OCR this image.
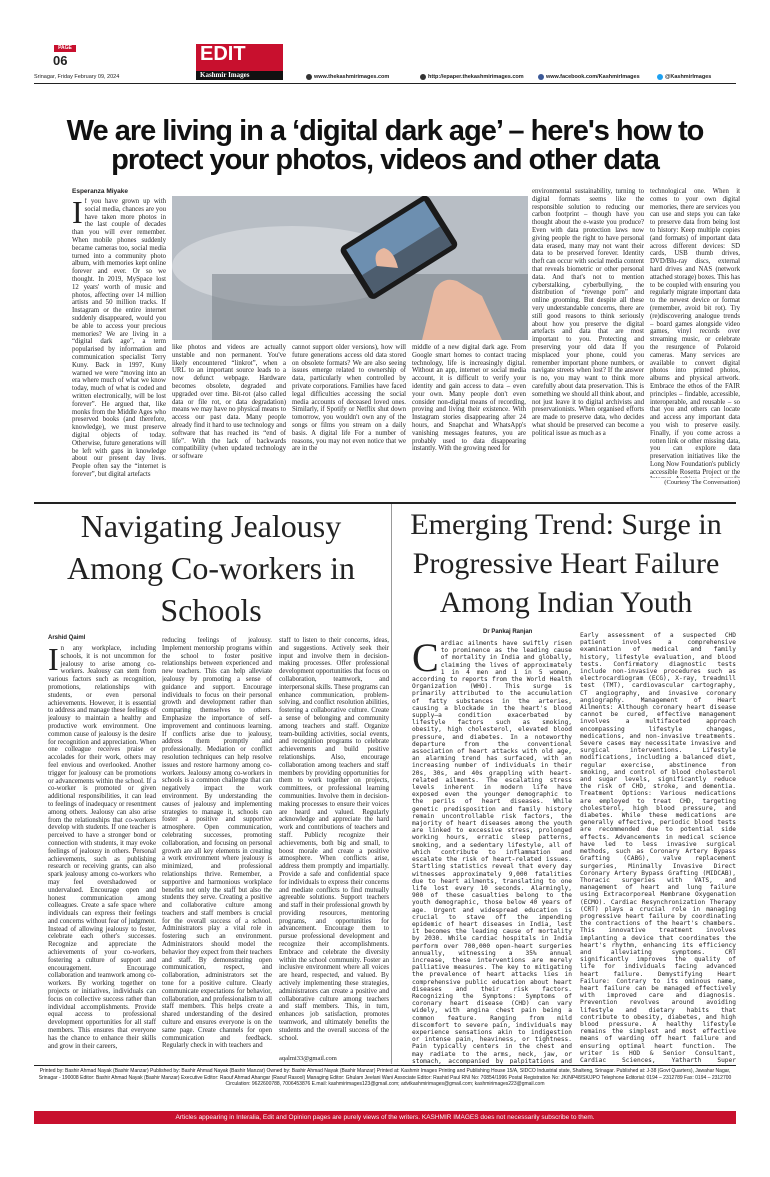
PAGE
06	EDIT
Kashmir Images
Srinagar, Friday February 09, 2024	www.thekashmirimages.com	http://epaper.thekashmirimages.com	www.facebook.com/KashmirImages	@KashmirImages
We are living in a ‘digital dark age’ – here's how to protect your photos, videos and other data
Esperanza Miyake
If you have grown up with social media, chances are you have taken more photos in the last couple of decades than you will ever remember. When mobile phones suddenly became cameras too, social media turned into a community photo album, with memories kept online forever and ever. Or so we thought. In 2019, MySpace lost 12 years' worth of music and photos, affecting over 14 million artists and 50 million tracks. If Instagram or the entire internet suddenly disappeared, would you be able to access your precious memories? We are living in a “digital dark age”, a term popularised by information and communication specialist Terry Kuny. Back in 1997, Kuny warned we were “moving into an era where much of what we know today, much of what is coded and written electronically, will be lost forever”. He argued that, like monks from the Middle Ages who preserved books (and therefore, knowledge), we must preserve digital objects of today. Otherwise, future generations will be left with gaps in knowledge about our present day lives. People often say the “internet is forever”, but digital artefacts
like photos and videos are actually unstable and non permanent. You've likely encountered “linkrot”, when a URL to an important source leads to a now defunct webpage. Hardware becomes obsolete, degraded and upgraded over time. Bit-rot (also called data or file rot, or data degradation) means we may have no physical means to access our past data. Many people already find it hard to use technology and software that has reached its “end of life”. With the lack of backwards compatibility (when updated technology or software
cannot support older versions), how will future generations access old data stored on obsolete formats? We are also seeing issues emerge related to ownership of data, particularly when controlled by private corporations. Families have faced legal difficulties accessing the social media accounts of deceased loved ones. Similarly, if Spotify or Netflix shut down tomorrow, you wouldn't own any of the songs or films you stream on a daily basis. A digital life For a number of reasons, you may not even notice that we are in the
middle of a new digital dark age. From Google smart homes to contact tracing technology, life is increasingly digital. Without an app, internet or social media account, it is difficult to verify your identity and gain access to data – even your own. Many people don't even consider non-digital means of recording, proving and living their existence. With Instagram stories disappearing after 24 hours, and Snapchat and WhatsApp's vanishing messages features, you are probably used to data disappearing instantly. With the growing need for
environmental sustainability, turning to digital formats seems like the responsible solution to reducing our carbon footprint – though have you thought about the e-waste you produce? Even with data protection laws now giving people the right to have personal data erased, many may not want their data to be preserved forever. Identity theft can occur with social media content that reveals biometric or other personal data. And that's not to mention cyberstalking, cyberbullying, the distribution of “revenge porn” and online grooming. But despite all these very understandable concerns, there are still good reasons to think seriously about how you preserve the digital artefacts and data that are most important to you. Protecting and preserving your old data If you misplaced your phone, could you remember important phone numbers, or navigate streets when lost? If the answer is no, you may want to think more carefully about data preservation. This is something we should all think about, and not just leave it to digital archivists and preservationists. When organised efforts are made to preserve data, who decides what should be preserved can become a political issue as much as a
technological one. When it comes to your own digital memories, there are services you can use and steps you can take to preserve data from being lost to history: Keep multiple copies (and formats) of important data across different devices: SD cards, USB thumb drives, DVD/Blu-ray discs, external hard drives and NAS (network attached storage) boxes. This has to be coupled with ensuring you regularly migrate important data to the newest device or format (remember, avoid bit rot). Try (re)discovering analogue trends – board games alongside video games, vinyl records over streaming music, or celebrate the resurgence of Polaroid cameras. Many services are available to convert digital photos into printed photos, albums and physical artwork. Embrace the ethos of the FAIR principles – findable, accessible, interoperable, and reusable – so that you and others can locate and access any important data you wish to preserve easily. Finally, if you come across a rotten link or other missing data, you can explore data preservation initiatives like the Long Now Foundation's publicly accessible Rosetta Project or the
(Courtesy The Conversation)
Navigating Jealousy Among Co-workers in Schools
Arshid Qaiml
In any workplace, including schools, it is not uncommon for jealousy to arise among co-workers. Jealousy can stem from various factors such as recognition, promotions, relationships with students, or even personal achievements. However, it is essential to address and manage these feelings of jealousy to maintain a healthy and productive work environment. One common cause of jealousy is the desire for recognition and appreciation. When one colleague receives praise or accolades for their work, others may feel envious and overlooked. Another trigger for jealousy can be promotions or advancements within the school. If a co-worker is promoted or given additional responsibilities, it can lead to feelings of inadequacy or resentment among others. Jealousy can also arise from the relationships that co-workers develop with students. If one teacher is perceived to have a stronger bond or connection with students, it may evoke feelings of jealousy in others. Personal achievements, such as publishing research or receiving grants, can also spark jealousy among co-workers who may feel overshadowed or undervalued. Encourage open and honest communication among colleagues. Create a safe space where individuals can express their feelings and concerns without fear of judgment. Instead of allowing jealousy to fester, celebrate each other's successes. Recognize and appreciate the achievements of your co-workers, fostering a culture of support and encouragement. Encourage collaboration and teamwork among co-workers. By working together on projects or initiatives, individuals can focus on collective success rather than individual accomplishments. Provide equal access to professional development opportunities for all staff members. This ensures that everyone has the chance to enhance their skills and grow in their careers,
reducing feelings of jealousy. Implement mentorship programs within the school to foster positive relationships between experienced and new teachers. This can help alleviate jealousy by promoting a sense of guidance and support. Encourage individuals to focus on their personal growth and development rather than comparing themselves to others. Emphasize the importance of self-improvement and continuous learning. If conflicts arise due to jealousy, address them promptly and professionally. Mediation or conflict resolution techniques can help resolve issues and restore harmony among co-workers. Jealousy among co-workers in schools is a common challenge that can negatively impact the work environment. By understanding the causes of jealousy and implementing strategies to manage it, schools can foster a positive and supportive atmosphere. Open communication, celebrating successes, promoting collaboration, and focusing on personal growth are all key elements in creating a work environment where jealousy is minimized, and professional relationships thrive. Remember, a supportive and harmonious workplace benefits not only the staff but also the students they serve. Creating a positive and collaborative culture among teachers and staff members is crucial for the overall success of a school. Administrators play a vital role in fostering such an environment. Administrators should model the behavior they expect from their teachers and staff. By demonstrating open communication, respect, and collaboration, administrators set the tone for a positive culture. Clearly communicate expectations for behavior, collaboration, and professionalism to all staff members. This helps create a shared understanding of the desired culture and ensures everyone is on the same page. Create channels for open communication and feedback. Regularly check in with teachers and
staff to listen to their concerns, ideas, and suggestions. Actively seek their input and involve them in decision-making processes. Offer professional development opportunities that focus on collaboration, teamwork, and interpersonal skills. These programs can enhance communication, problem-solving, and conflict resolution abilities, fostering a collaborative culture. Create a sense of belonging and community among teachers and staff. Organize team-building activities, social events, and recognition programs to celebrate achievements and build positive relationships. Also, encourage collaboration among teachers and staff members by providing opportunities for them to work together on projects, committees, or professional learning communities. Involve them in decision-making processes to ensure their voices are heard and valued. Regularly acknowledge and appreciate the hard work and contributions of teachers and staff. Publicly recognize their achievements, both big and small, to boost morale and create a positive atmosphere. When conflicts arise, address them promptly and impartially. Provide a safe and confidential space for individuals to express their concerns and mediate conflicts to find mutually agreeable solutions. Support teachers and staff in their professional growth by providing resources, mentoring programs, and opportunities for advancement. Encourage them to pursue professional development and recognize their accomplishments. Embrace and celebrate the diversity within the school community. Foster an inclusive environment where all voices are heard, respected, and valued. By actively implementing these strategies, administrators can create a positive and collaborative culture among teachers and staff members. This, in turn, enhances job satisfaction, promotes teamwork, and ultimately benefits the students and the overall success of the school.
aqalmi33@gmail.com
Emerging Trend: Surge in Progressive Heart Failure Among Indian Youth
Dr Pankaj Ranjan
Cardiac ailments have swiftly risen to prominence as the leading cause of mortality in India and globally, claiming the lives of approximately 1 in 4 men and 1 in 5 women, according to reports from the World Health Organization (WHO). This surge is primarily attributed to the accumulation of fatty substances in the arteries, causing a blockade in the heart's blood supply—a condition exacerbated by lifestyle factors such as smoking, obesity, high cholesterol, elevated blood pressure, and diabetes. In a noteworthy departure from the conventional association of heart attacks with old age, an alarming trend has surfaced, with an increasing number of individuals in their 20s, 30s, and 40s grappling with heart-related ailments. The escalating stress levels inherent in modern life have exposed even the younger demographic to the perils of heart diseases. While genetic predisposition and family history remain uncontrollable risk factors, the majority of heart diseases among the youth are linked to excessive stress, prolonged working hours, erratic sleep patterns, smoking, and a sedentary lifestyle, all of which contribute to inflammation and escalate the risk of heart-related issues. Startling statistics reveal that every day witnesses approximately 9,000 fatalities due to heart ailments, translating to one life lost every 10 seconds. Alarmingly, 900 of these casualties belong to the youth demographic, those below 40 years of age. Urgent and widespread education is crucial to stave off the impending epidemic of heart diseases in India, lest it becomes the leading cause of mortality by 2030. While cardiac hospitals in India perform over 700,000 open-heart surgeries annually, witnessing a 35% annual increase, these interventions are merely palliative measures. The key to mitigating the prevalence of heart attacks lies in comprehensive public education about heart diseases and their risk factors. Recognizing the Symptoms: Symptoms of coronary heart disease (CHD) can vary widely, with angina chest pain being a common feature. Ranging from mild discomfort to severe pain, individuals may experience sensations akin to indigestion or intense pain, heaviness, or tightness. Pain typically centers in the chest and may radiate to the arms, neck, jaw, or stomach, accompanied by palpitations and
Early assessment of a suspected CHD patient involves a comprehensive examination of medical and family history, lifestyle evaluation, and blood tests. Confirmatory diagnostic tests include non-invasive procedures such as electrocardiogram (ECG), X-ray, treadmill test (TMT), cardiovascular cartography, CT angiography, and invasive coronary angiography. Management of Heart Ailments: Although coronary heart disease cannot be cured, effective management involves a multifaceted approach encompassing lifestyle changes, medications, and non-invasive treatments. Severe cases may necessitate invasive and surgical interventions. Lifestyle modifications, including a balanced diet, regular exercise, abstinence from smoking, and control of blood cholesterol and sugar levels, significantly reduce the risk of CHD, stroke, and dementia. Treatment Options: Various medications are employed to treat CHD, targeting cholesterol, high blood pressure, and diabetes. While these medications are generally effective, periodic blood tests are recommended due to potential side effects. Advancements in medical science have led to less invasive surgical methods, such as Coronary Artery Bypass Grafting (CABG), valve replacement surgeries, Minimally Invasive Direct Coronary Artery Bypass Grafting (MIDCAB), Thoracic surgeries with VATS, and management of heart and lung failure using Extracorporeal Membrane Oxygenation (ECMO). Cardiac Resynchronization Therapy (CRT) plays a crucial role in managing progressive heart failure by coordinating the contractions of the heart's chambers. This innovative treatment involves implanting a device that coordinates the heart's rhythm, enhancing its efficiency and alleviating symptoms. CRT significantly improves the quality of life for individuals facing advanced heart failure. Demystifying Heart Failure: Contrary to its ominous name, heart failure can be managed effectively with improved care and diagnosis. Prevention revolves around avoiding lifestyle and dietary habits that contribute to obesity, diabetes, and high blood pressure. A healthy lifestyle remains the simplest and most effective means of warding off heart failure and ensuring optimal heart function. The writer is HOD & Senior Consultant, Cardiac Sciences, Yatharth Super
Printed by: Bashir Ahmad Nayak (Bashir Manzar) Published by: Bashir Ahmad Nayak (Bashir Manzar) Owned by: Bashir Ahmad Nayak (Bashir Manzar) Printed at: Kashmir Images Printing and Publishing House 15/A, SIDCO Industrial state, Shalteng, Srinagar. Published at: J-38 (Govt Quarters), Jawahar Nagar, Srinagar - 190008 Editor: Bashir Ahmad Nayak (Bashir Manzar) Executive Editor: Raouf Ahmad Ahangar (Raouf Rasool) Managing Editor: Ghulam Jeelani Wani Associate Editor: Rashid Paul RNI No: 70854/1996 Postal Registration No: JK/NP48/SK/JPO Telephone Editorial: 0194 – 2312789 Fax: 0194 – 2312700 Circulation: 9622600788, 7006453876 E.mail: kashmirimages123@gmail.com; advtkashmirimages@gmail.com; kashmirimages223@gmail.com
Articles appearing in Interalia, Edit and Opinion pages are purely views of the writers. KASHMIR IMAGES does not necessarily subscribe to them.
